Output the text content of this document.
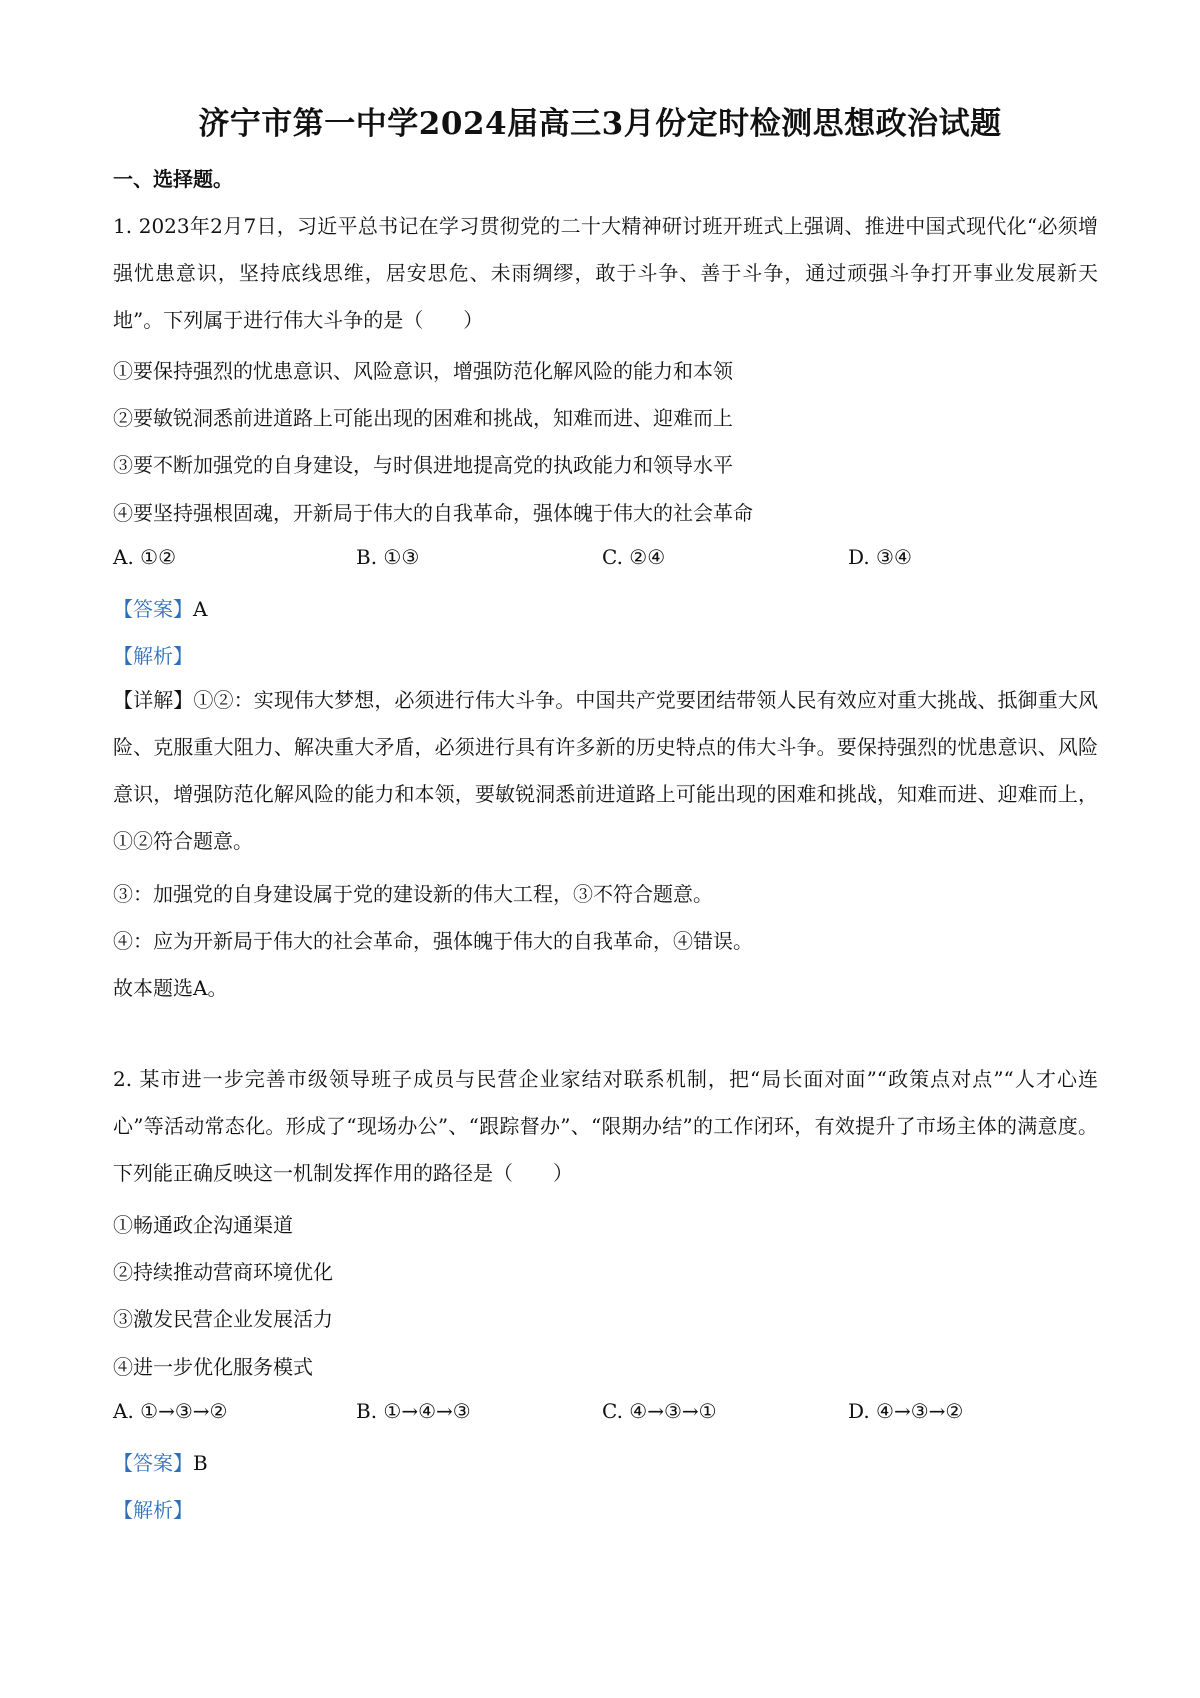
济宁市第一中学2024届高三3月份定时检测思想政治试题
一、选择题。
1. 2023年2月7日，习近平总书记在学习贯彻党的二十大精神研讨班开班式上强调、推进中国式现代化“必须增强忧患意识，坚持底线思维，居安思危、未雨绸缪，敢于斗争、善于斗争，通过顽强斗争打开事业发展新天地”。下列属于进行伟大斗争的是（　　）
①要保持强烈的忧患意识、风险意识，增强防范化解风险的能力和本领
②要敏锐洞悉前进道路上可能出现的困难和挑战，知难而进、迎难而上
③要不断加强党的自身建设，与时俱进地提高党的执政能力和领导水平
④要坚持强根固魂，开新局于伟大的自我革命，强体魄于伟大的社会革命
A. ①②	B. ①③	C. ②④	D. ③④
【答案】A
【解析】
【详解】①②：实现伟大梦想，必须进行伟大斗争。中国共产党要团结带领人民有效应对重大挑战、抵御重大风险、克服重大阻力、解决重大矛盾，必须进行具有许多新的历史特点的伟大斗争。要保持强烈的忧患意识、风险意识，增强防范化解风险的能力和本领，要敏锐洞悉前进道路上可能出现的困难和挑战，知难而进、迎难而上，①②符合题意。
③：加强党的自身建设属于党的建设新的伟大工程，③不符合题意。
④：应为开新局于伟大的社会革命，强体魄于伟大的自我革命，④错误。
故本题选A。
2. 某市进一步完善市级领导班子成员与民营企业家结对联系机制，把“局长面对面”“政策点对点”“人才心连心”等活动常态化。形成了“现场办公”、“跟踪督办”、“限期办结”的工作闭环，有效提升了市场主体的满意度。下列能正确反映这一机制发挥作用的路径是（　　）
①畅通政企沟通渠道
②持续推动营商环境优化
③激发民营企业发展活力
④进一步优化服务模式
A. ①→③→②	B. ①→④→③	C. ④→③→①	D. ④→③→②
【答案】B
【解析】
